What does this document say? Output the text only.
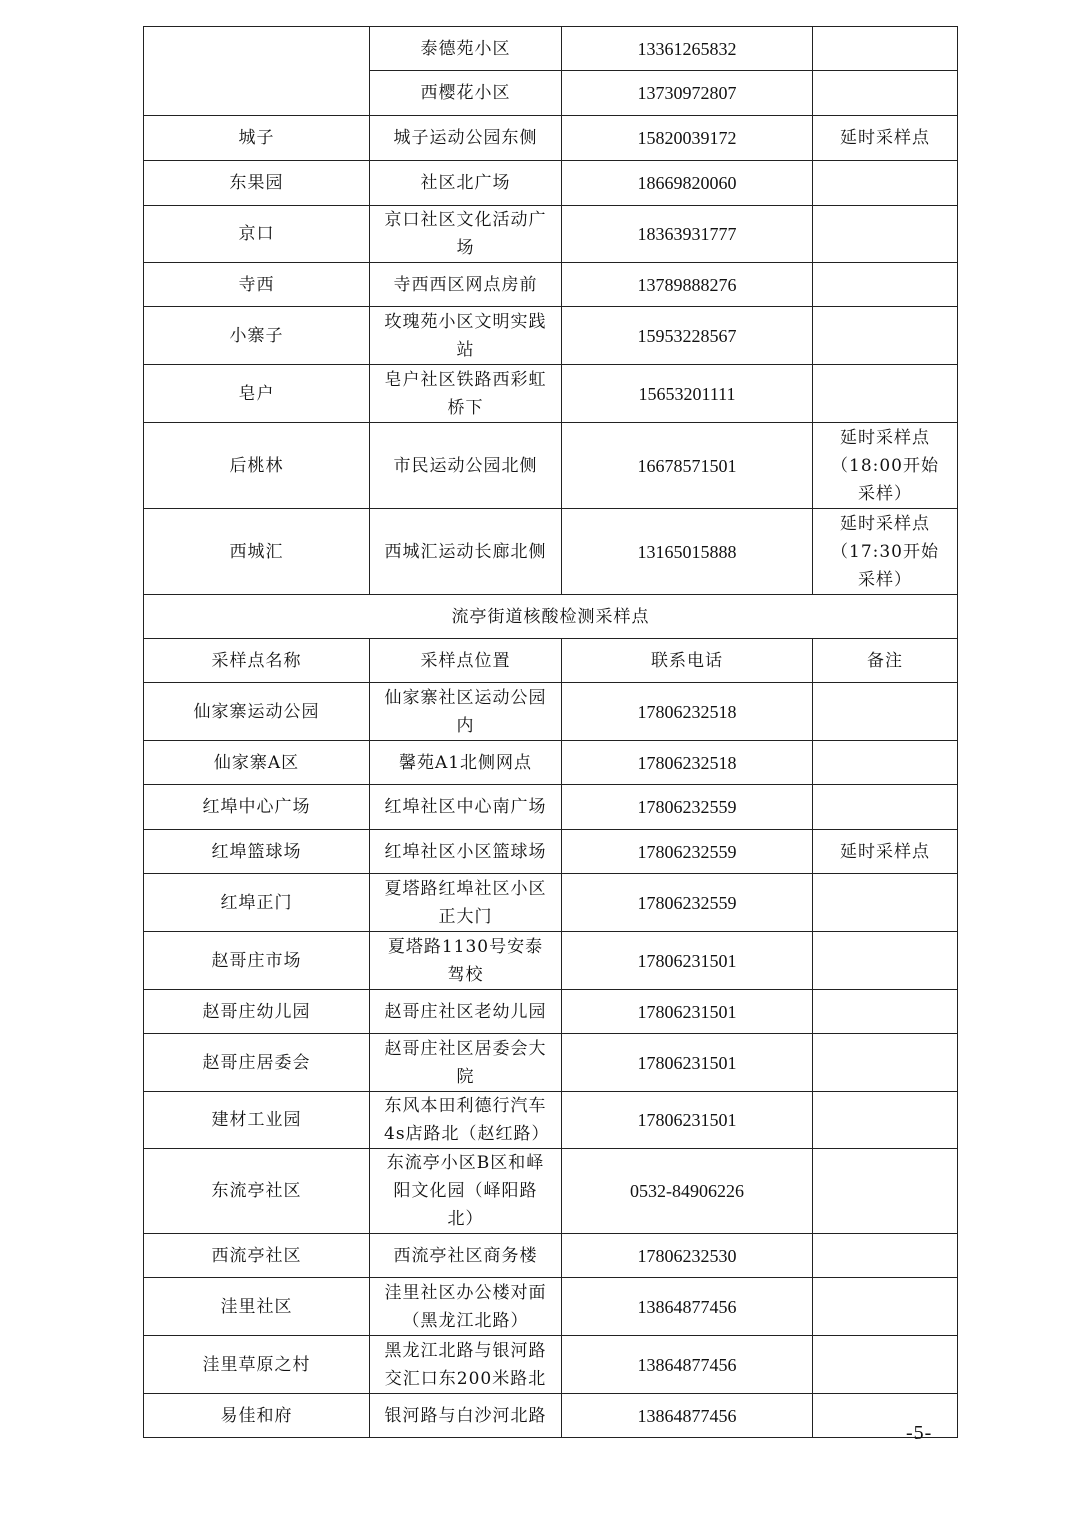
	泰德苑小区	13361265832	
	西樱花小区	13730972807	
城子	城子运动公园东侧	15820039172	延时采样点
东果园	社区北广场	18669820060	
京口	京口社区文化活动广场	18363931777	
寺西	寺西西区网点房前	13789888276	
小寨子	玫瑰苑小区文明实践站	15953228567	
皂户	皂户社区铁路西彩虹桥下	15653201111	
后桃林	市民运动公园北侧	16678571501	延时采样点（18:00开始采样）
西城汇	西城汇运动长廊北侧	13165015888	延时采样点（17:30开始采样）
流亭街道核酸检测采样点			
采样点名称	采样点位置	联系电话	备注
仙家寨运动公园	仙家寨社区运动公园内	17806232518	
仙家寨A区	馨苑A1北侧网点	17806232518	
红埠中心广场	红埠社区中心南广场	17806232559	
红埠篮球场	红埠社区小区篮球场	17806232559	延时采样点
红埠正门	夏塔路红埠社区小区正大门	17806232559	
赵哥庄市场	夏塔路1130号安泰驾校	17806231501	
赵哥庄幼儿园	赵哥庄社区老幼儿园	17806231501	
赵哥庄居委会	赵哥庄社区居委会大院	17806231501	
建材工业园	东风本田利德行汽车4s店路北（赵红路）	17806231501	
东流亭社区	东流亭小区B区和峄阳文化园（峄阳路北）	0532-84906226	
西流亭社区	西流亭社区商务楼	17806232530	
洼里社区	洼里社区办公楼对面（黑龙江北路）	13864877456	
洼里草原之村	黑龙江北路与银河路交汇口东200米路北	13864877456	
易佳和府	银河路与白沙河北路	13864877456	
-5-
